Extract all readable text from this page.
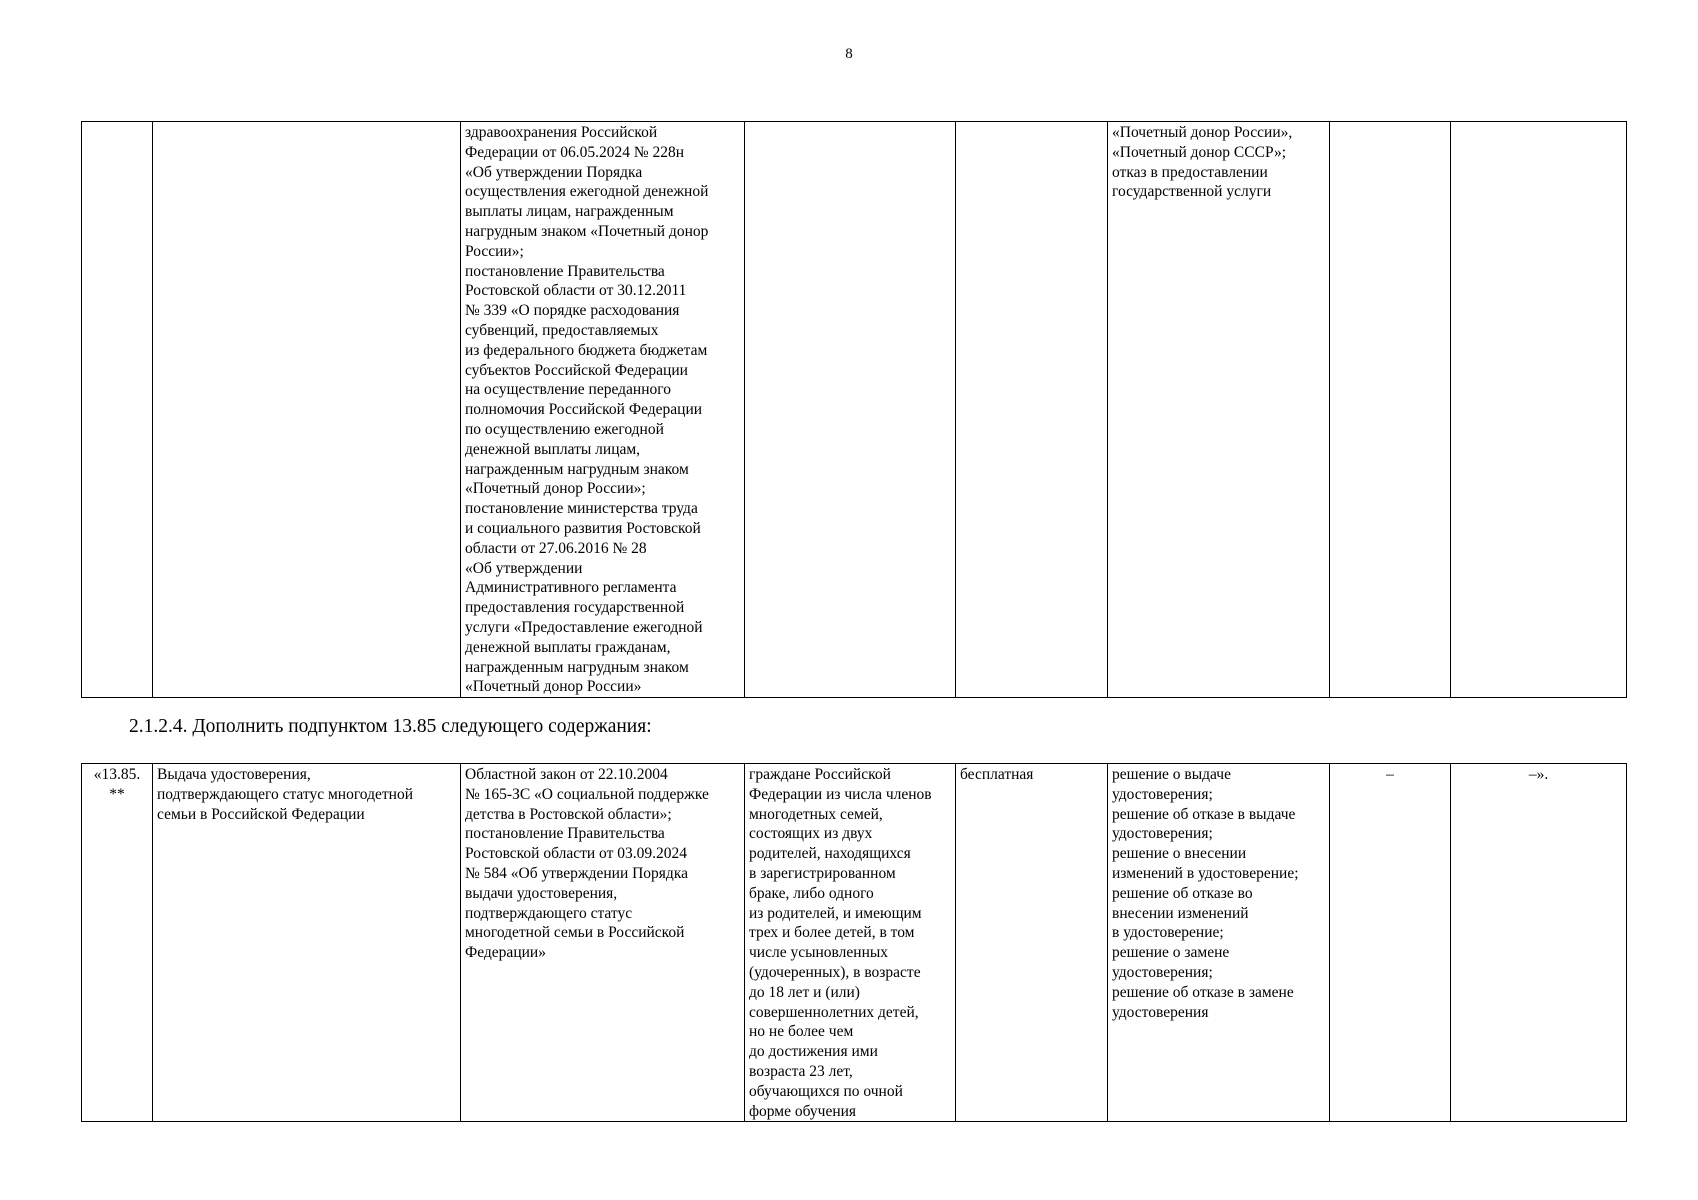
8
		здравоохранения Российской
Федерации от 06.05.2024 № 228н
«Об утверждении Порядка
осуществления ежегодной денежной
выплаты лицам, награжденным
нагрудным знаком «Почетный донор
России»;
постановление Правительства
Ростовской области от 30.12.2011
№ 339 «О порядке расходования
субвенций, предоставляемых
из федерального бюджета бюджетам
субъектов Российской Федерации
на осуществление переданного
полномочия Российской Федерации
по осуществлению ежегодной
денежной выплаты лицам,
награжденным нагрудным знаком
«Почетный донор России»;
постановление министерства труда
и социального развития Ростовской
области от 27.06.2016 № 28
«Об утверждении
Административного регламента
предоставления государственной
услуги «Предоставление ежегодной
денежной выплаты гражданам,
награжденным нагрудным знаком
«Почетный донор России»			«Почетный донор России»,
«Почетный донор СССР»;
отказ в предоставлении
государственной услуги		
2.1.2.4. Дополнить подпунктом 13.85 следующего содержания:
«13.85.
**	Выдача удостоверения,
подтверждающего статус многодетной
семьи в Российской Федерации	Областной закон от 22.10.2004
№ 165-ЗС «О социальной поддержке
детства в Ростовской области»;
постановление Правительства
Ростовской области от 03.09.2024
№ 584 «Об утверждении Порядка
выдачи удостоверения,
подтверждающего статус
многодетной семьи в Российской
Федерации»	граждане Российской
Федерации из числа членов
многодетных семей,
состоящих из двух
родителей, находящихся
в зарегистрированном
браке, либо одного
из родителей, и имеющим
трех и более детей, в том
числе усыновленных
(удочеренных), в возрасте
до 18 лет и (или)
совершеннолетних детей,
но не более чем
до достижения ими
возраста 23 лет,
обучающихся по очной
форме обучения	бесплатная	решение о выдаче
удостоверения;
решение об отказе в выдаче
удостоверения;
решение о внесении
изменений в удостоверение;
решение об отказе во
внесении изменений
в удостоверение;
решение о замене
удостоверения;
решение об отказе в замене
удостоверения	–	–».
